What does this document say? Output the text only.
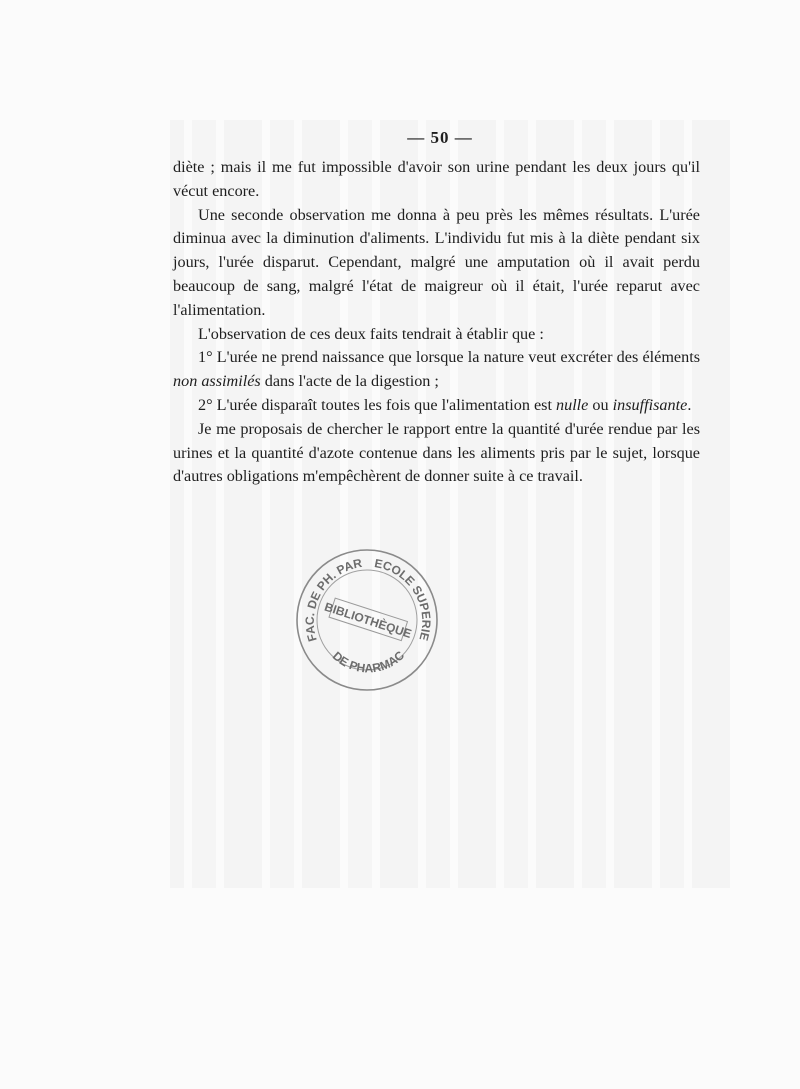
— 50 —

diète ; mais il me fut impossible d'avoir son urine pendant les deux jours qu'il vécut encore.

Une seconde observation me donna à peu près les mêmes résultats. L'urée diminua avec la diminution d'aliments. L'individu fut mis à la diète pendant six jours, l'urée disparut. Cependant, malgré une amputation où il avait perdu beaucoup de sang, malgré l'état de maigreur où il était, l'urée reparut avec l'alimentation.

L'observation de ces deux faits tendrait à établir que :

1° L'urée ne prend naissance que lorsque la nature veut excréter des éléments non assimilés dans l'acte de la digestion ;

2° L'urée disparaît toutes les fois que l'alimentation est nulle ou insuffisante.

Je me proposais de chercher le rapport entre la quantité d'urée rendue par les urines et la quantité d'azote contenue dans les aliments pris par le sujet, lorsque d'autres obligations m'empêchèrent de donner suite à ce travail.

FAC. DE PH. PAR ECOLE SUPERIE
DE PHARMAC
BIBLIOTHÈQUE
